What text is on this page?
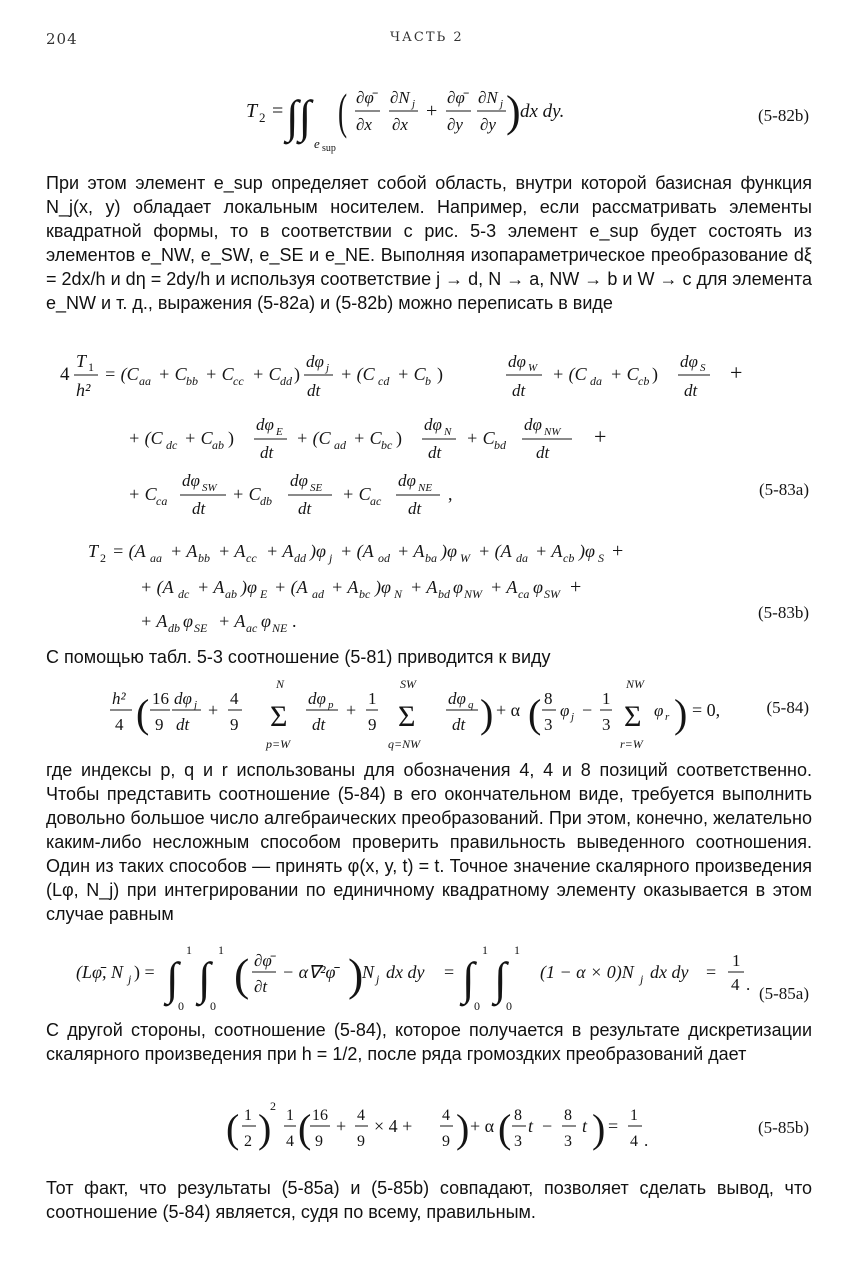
204	ЧАСТЬ 2
T 2 = ∫∫
e sup
( ∂φ̄
∂x
∂N j
∂x
+
∂φ̄
∂y
∂N j
∂y ) dx dy.	(5-82b)
При этом элемент e_sup определяет собой область, внутри которой базисная функция N_j(x, y) обладает локальным носителем. Например, если рассматривать элементы квадратной формы, то в соответствии с рис. 5-3 элемент e_sup будет состоять из элементов e_NW, e_SW, e_SE и e_NE. Выполняя изопараметрическое преобразование dξ = 2dx/h и dη = 2dy/h и используя соответствие j → d, N → a, NW → b и W → c для элемента e_NW и т. д., выражения (5-82a) и (5-82b) можно переписать в виде
4
T 1
h²
= (C aa + C bb + C cc + C dd )
dφ j
dt
+ (C cd + C b )
dφ W
dt
+ (C da + C cb )
dφ S
dt
+
+ (C dc + C ab )
dφ E
dt
+ (C ad + C bc )
dφ N
dt
+ C bd
dφ NW
dt
+
+ C ca
dφ SW
dt
+ C db
dφ SE
dt
+ C ac
dφ NE
dt
,	(5-83a)
T 2 = (A aa + A bb + A cc + A dd )φ j + (A od + A ba )φ W + (A da + A cb )φ S +
+ (A dc + A ab )φ E + (A ad + A bc )φ N + A bd φ NW + A ca φ SW +
+ A db φ SE + A ac φ NE .	(5-83b)
С помощью табл. 5-3 соотношение (5-81) приводится к виду
h²
4 ( 16
9
dφ j
dt
+
4
9
N
Σ
p=W
dφ p
dt
+
1
9
SW
Σ
q=NW
dφ q
dt ) + α ( 8
3
φ j −
1
3
NW
Σ
r=W
φ r ) = 0,	(5-84)
где индексы p, q и r использованы для обозначения 4, 4 и 8 позиций соответственно. Чтобы представить соотношение (5-84) в его окончательном виде, требуется выполнить довольно большое число алгебраических преобразований. При этом, конечно, желательно каким-либо несложным способом проверить правильность выведенного соотношения. Один из таких способов — принять φ(x, y, t) = t. Точное значение скалярного произведения (Lφ, N_j) при интегрировании по единичному квадратному элементу оказывается в этом случае равным
(Lφ̄, N j ) = ∫
1
0
∫
1
0
( ∂φ̄
∂t
− α∇²φ̄ )
N j dx dy = ∫
1
0
∫
1
0
(1 − α × 0)N j dx dy =
1
4 . (5-85a)
С другой стороны, соотношение (5-84), которое получается в результате дискретизации скалярного произведения при h = 1/2, после ряда громоздких преобразований дает
( 1
2 )
2
1
4 ( 16
9
+
4
9
× 4 +
4
9 ) + α ( 8
3
t −
8
3
t ) =
1
4 .
(5-85b)
Тот факт, что результаты (5-85a) и (5-85b) совпадают, позволяет сделать вывод, что соотношение (5-84) является, судя по всему, правильным.
